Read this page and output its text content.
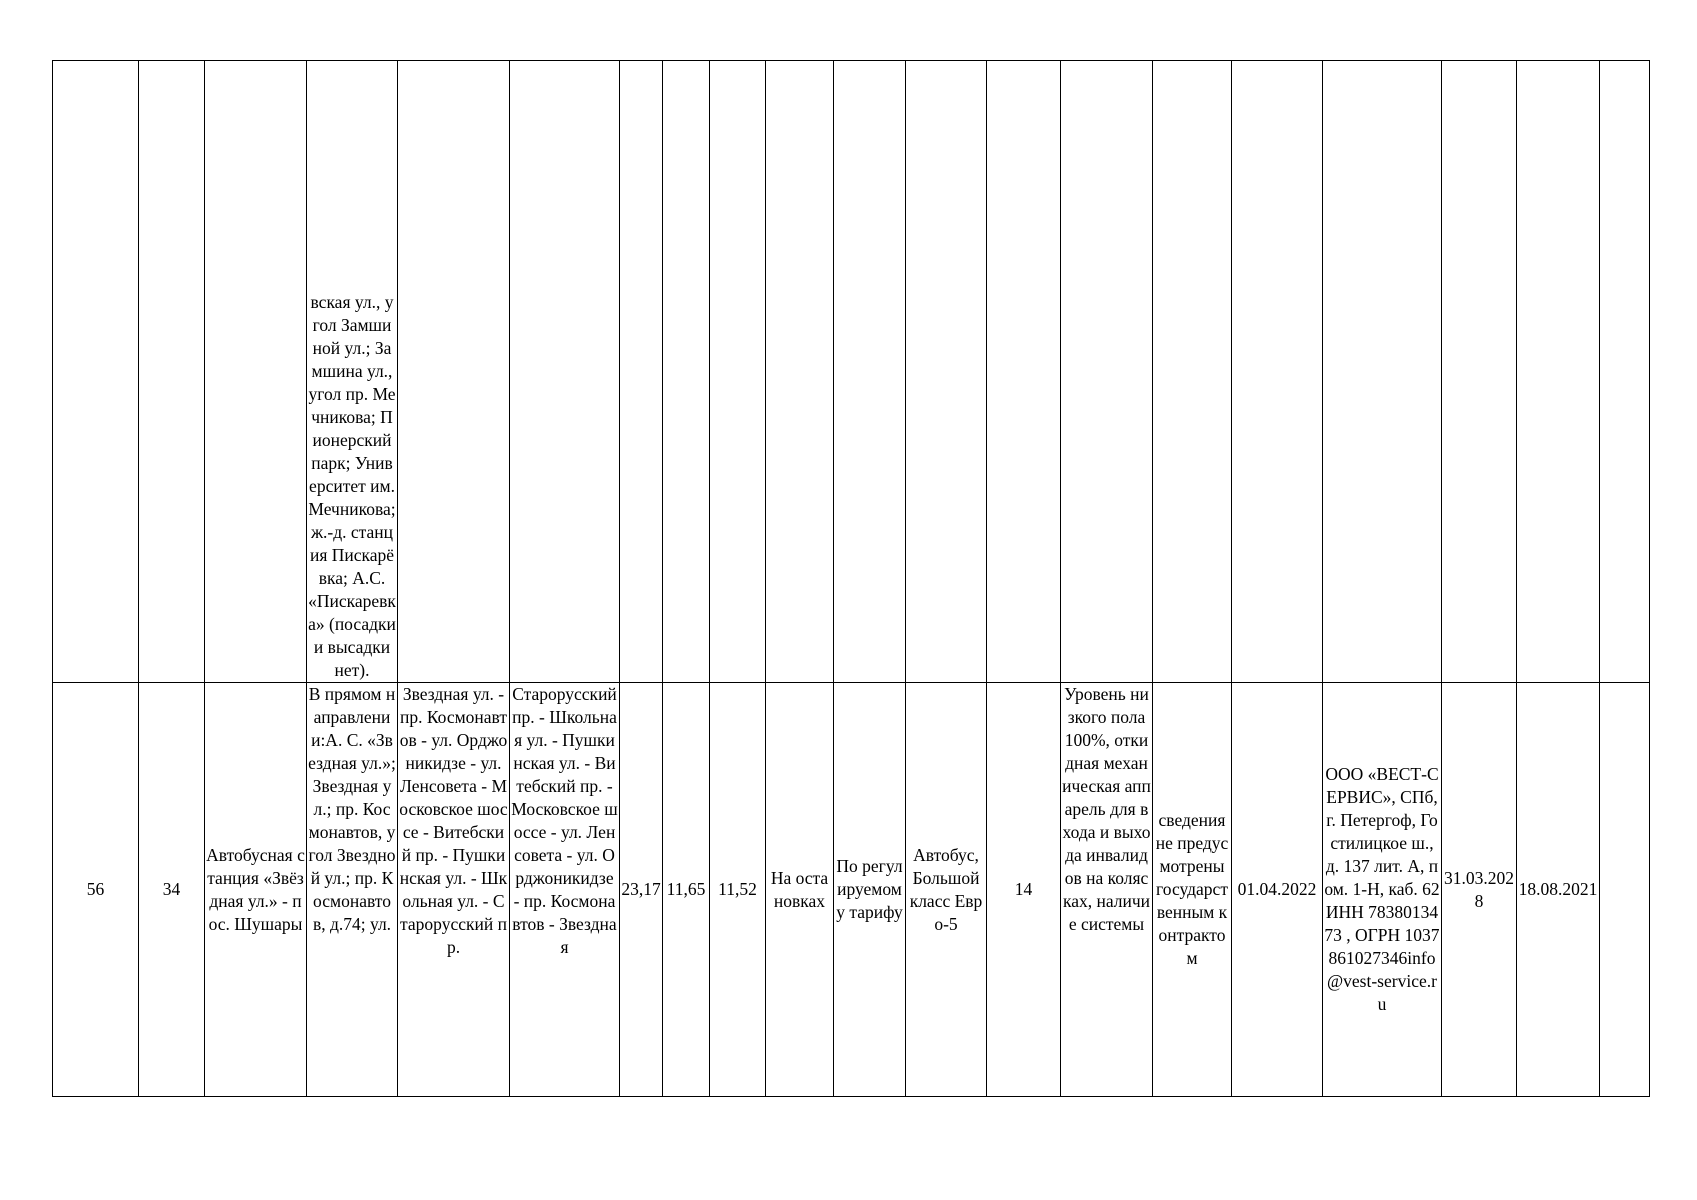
			вская ул., угол Замшиной ул.; Замшина ул., угол пр. Мечникова; Пионерский парк; Университет им. Мечникова; ж.-д. станция Пискарёвка; А.С. «Пискаревка» (посадки и высадки нет).																
56	34	Автобусная станция «Звёздная ул.» - пос. Шушары	В прямом направлении:А. С. «Звездная ул.»; Звездная ул.; пр. Космонавтов, угол Звездной ул.; пр. Космонавтов, д.74; ул.	Звездная ул. - пр. Космонавтов - ул. Орджоникидзе - ул. Ленсовета - Московское шоссе - Витебский пр. - Пушкинская ул. - Школьная ул. - Старорусский пр.	Старорусский пр. - Школьная ул. - Пушкинская ул. - Витебский пр. - Московское шоссе - ул. Ленсовета - ул. Орджоникидзе - пр. Космонавтов - Звездная	23,17	11,65	11,52	На остановках	По регулируемому тарифу	Автобус, Большой класс Евро-5	14	Уровень низкого пола 100%, откидная механическая аппарель для входа и выхода инвалидов на колясках, наличие системы	сведения не предусмотрены государственным контрактом	01.04.2022	ООО «ВЕСТ-СЕРВИС», СПб, г. Петергоф, Гостилицкое ш., д. 137 лит. А, пом. 1-Н, каб. 62 ИНН 7838013473 , ОГРН 1037861027346info@vest-service.ru	31.03.2028	18.08.2021	
